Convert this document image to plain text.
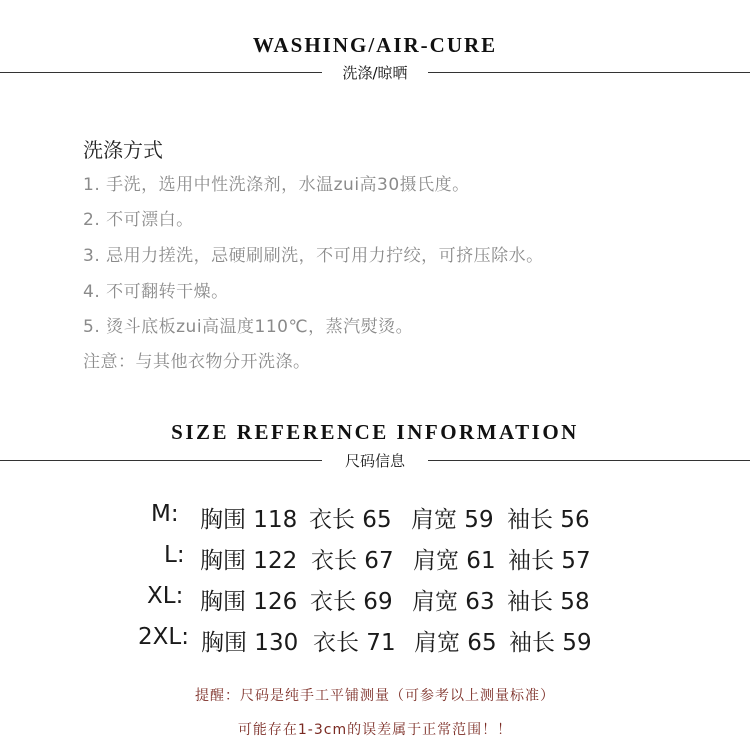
WASHING/AIR-CURE
洗涤/晾晒
洗涤方式
1. 手洗，选用中性洗涤剂，水温zui高30摄氏度。
2. 不可漂白。
3. 忌用力搓洗，忌硬刷刷洗，不可用力拧绞，可挤压除水。
4. 不可翻转干燥。
5. 烫斗底板zui高温度110℃，蒸汽熨烫。
注意：与其他衣物分开洗涤。
SIZE REFERENCE INFORMATION
尺码信息
M: 胸围 118 衣长 65 肩宽 59 袖长 56
L: 胸围 122 衣长 67 肩宽 61 袖长 57
XL: 胸围 126 衣长 69 肩宽 63 袖长 58
2XL: 胸围 130 衣长 71 肩宽 65 袖长 59
提醒：尺码是纯手工平铺测量（可参考以上测量标准）
可能存在1-3cm的误差属于正常范围！！
